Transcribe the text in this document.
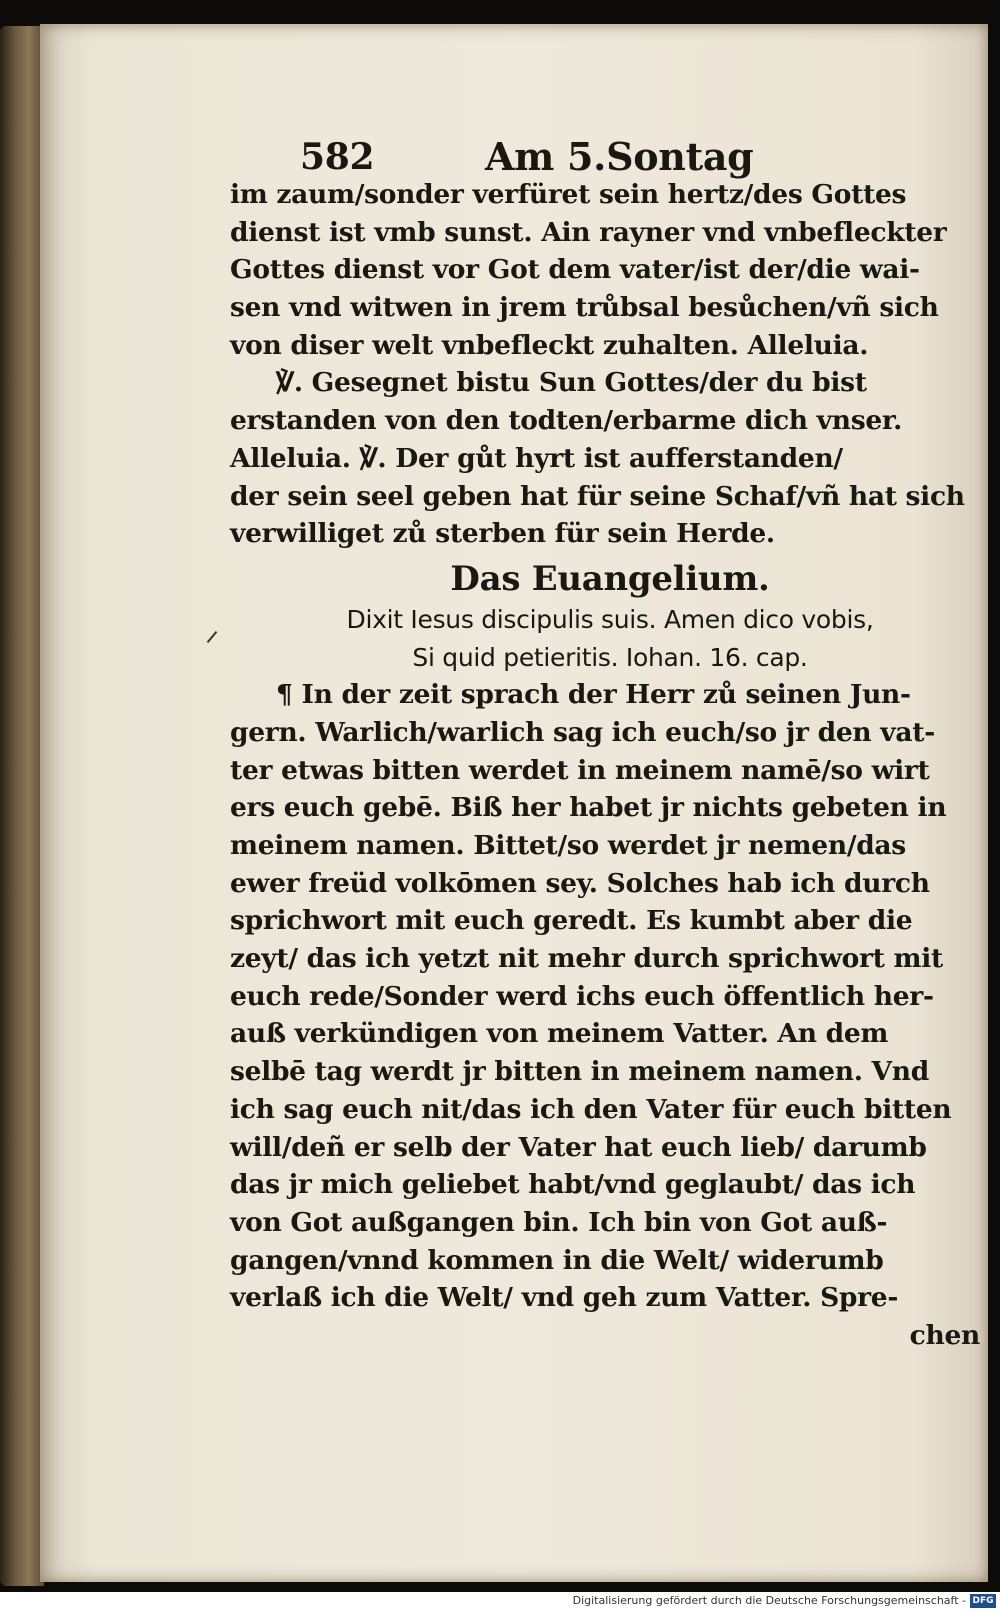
582	Am 5.Sontag
im zaum/sonder verfüret sein hertz/des Gottes
dienst ist vmb sunst. Ain rayner vnd vnbefleckter
Gottes dienst vor Got dem vater/ist der/die wai-
sen vnd witwen in jrem trůbsal besůchen/vñ sich
von diser welt vnbefleckt zuhalten. Alleluia.
℣. Gesegnet bistu Sun Gottes/der du bist
erstanden von den todten/erbarme dich vnser.
Alleluia. ℣. Der gůt hyrt ist aufferstanden/
der sein seel geben hat für seine Schaf/vñ hat sich
verwilliget zů sterben für sein Herde.
Das Euangelium.
Dixit Iesus discipulis suis. Amen dico vobis,
Si quid petieritis. Iohan. 16. cap.
¶ In der zeit sprach der Herr zů seinen Jun-
gern. Warlich/warlich sag ich euch/so jr den vat-
ter etwas bitten werdet in meinem namē/so wirt
ers euch gebē. Biß her habet jr nichts gebeten in
meinem namen. Bittet/so werdet jr nemen/das
ewer freüd volkōmen sey. Solches hab ich durch
sprichwort mit euch geredt. Es kumbt aber die
zeyt/ das ich yetzt nit mehr durch sprichwort mit
euch rede/Sonder werd ichs euch öffentlich her-
auß verkündigen von meinem Vatter. An dem
selbē tag werdt jr bitten in meinem namen. Vnd
ich sag euch nit/das ich den Vater für euch bitten
will/deñ er selb der Vater hat euch lieb/ darumb
das jr mich geliebet habt/vnd geglaubt/ das ich
von Got außgangen bin. Ich bin von Got auß-
gangen/vnnd kommen in die Welt/ widerumb
verlaß ich die Welt/ vnd geh zum Vatter. Spre-
chen
Digitalisierung gefördert durch die Deutsche Forschungsgemeinschaft - DFG
